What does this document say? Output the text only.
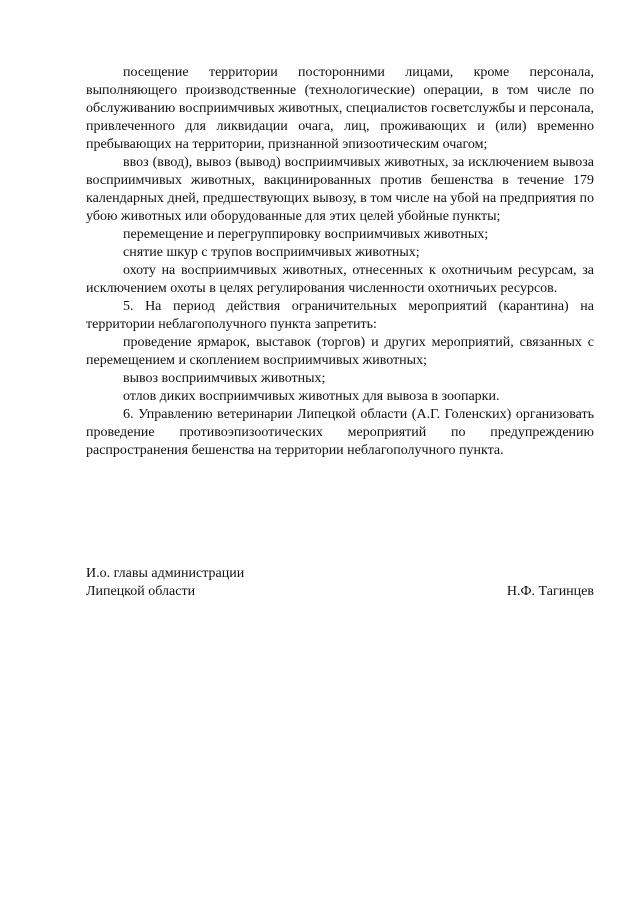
посещение территории посторонними лицами, кроме персонала, выполняющего производственные (технологические) операции, в том числе по обслуживанию восприимчивых животных, специалистов госветслужбы и персонала, привлеченного для ликвидации очага, лиц, проживающих и (или) временно пребывающих на территории, признанной эпизоотическим очагом;

ввоз (ввод), вывоз (вывод) восприимчивых животных, за исключением вывоза восприимчивых животных, вакцинированных против бешенства в течение 179 календарных дней, предшествующих вывозу, в том числе на убой на предприятия по убою животных или оборудованные для этих целей убойные пункты;

перемещение и перегруппировку восприимчивых животных;

снятие шкур с трупов восприимчивых животных;

охоту на восприимчивых животных, отнесенных к охотничьим ресурсам, за исключением охоты в целях регулирования численности охотничьих ресурсов.

5. На период действия ограничительных мероприятий (карантина) на территории неблагополучного пункта запретить:

проведение ярмарок, выставок (торгов) и других мероприятий, связанных с перемещением и скоплением восприимчивых животных;

вывоз восприимчивых животных;

отлов диких восприимчивых животных для вывоза в зоопарки.

6. Управлению ветеринарии Липецкой области (А.Г. Голенских) организовать проведение противоэпизоотических мероприятий по предупреждению распространения бешенства на территории неблагополучного пункта.

И.о. главы администрации
Липецкой области	Н.Ф. Тагинцев
